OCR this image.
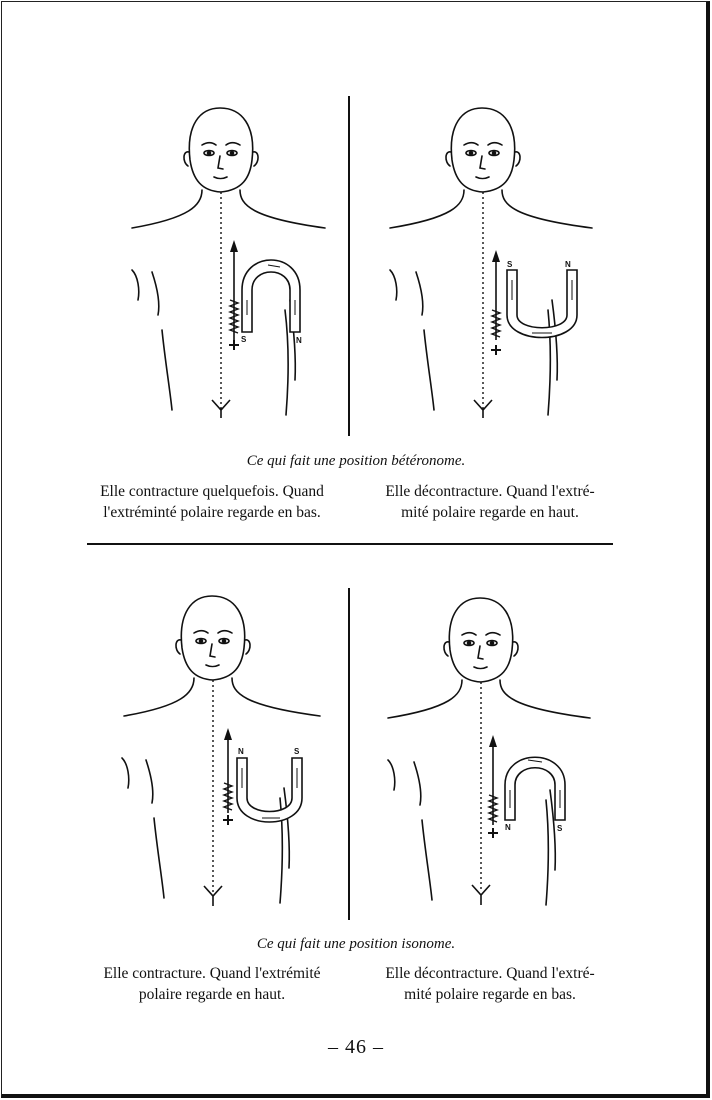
S	N
S	N
Ce qui fait une position bétéronome.
Elle contracture quelquefois. Quand
l'extréminté polaire regarde en bas.
Elle décontracture. Quand l'extré-
mité polaire regarde en haut.
N	S
N	S
Ce qui fait une position isonome.
Elle contracture. Quand l'extrémité
polaire regarde en haut.
Elle décontracture. Quand l'extré-
mité polaire regarde en bas.
– 46 –
